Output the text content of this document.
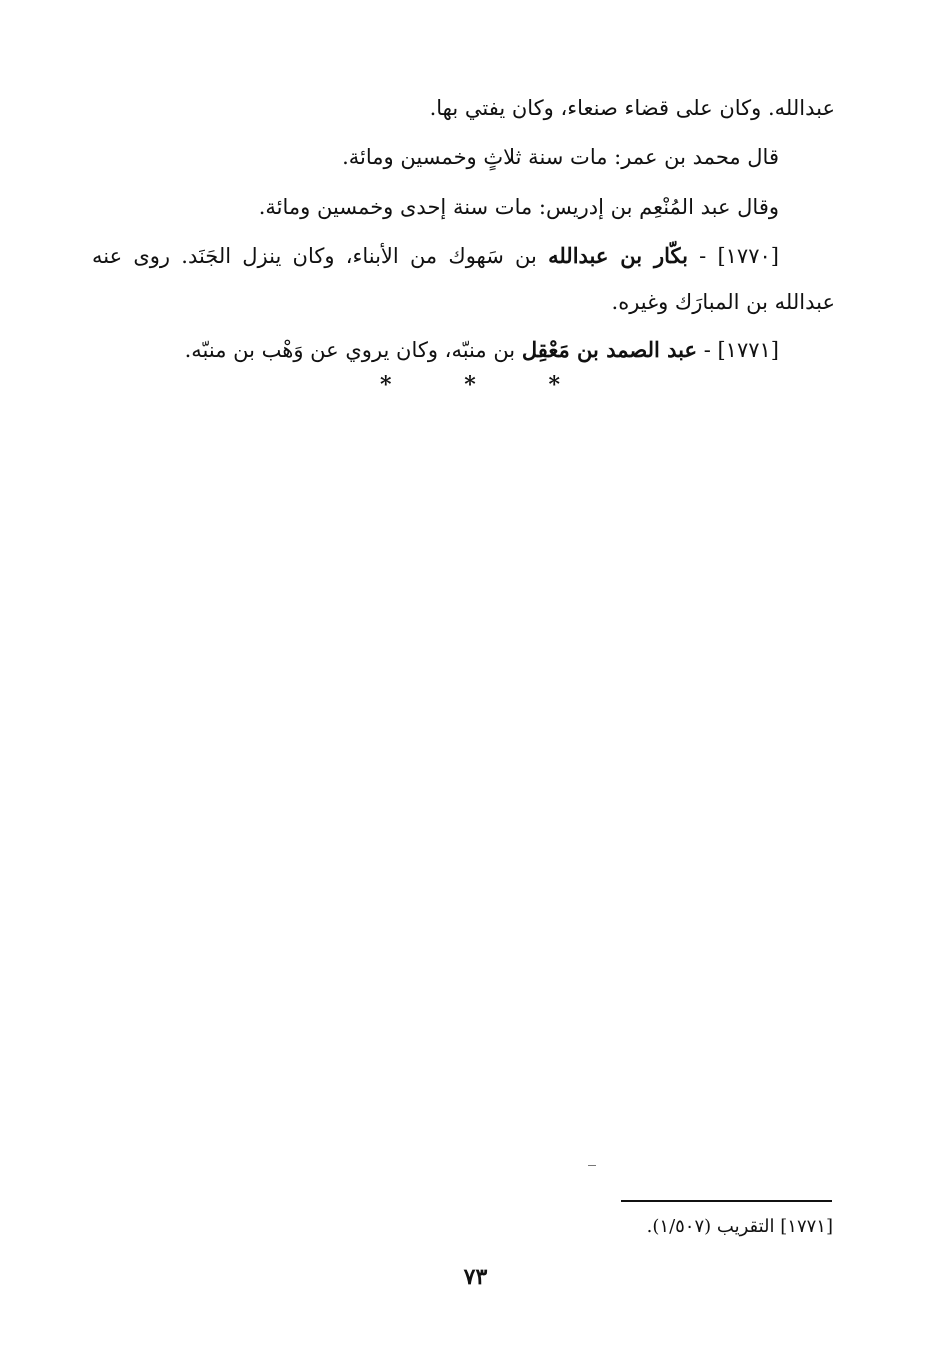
عبدالله. وكان على قضاء صنعاء، وكان يفتي بها.
قال محمد بن عمر: مات سنة ثلاثٍ وخمسين ومائة.
وقال عبد المُنْعِم بن إدريس: مات سنة إحدى وخمسين ومائة.
[١٧٧٠] - بكّار بن عبدالله بن سَهوك من الأبناء، وكان ينزل الجَنَد. روى عنه
عبدالله بن المبارَك وغيره.
[١٧٧١] - عبد الصمد بن مَعْقِل بن منبّه، وكان يروي عن وَهْب بن منبّه.
*	*	*
[١٧٧١] التقريب (١/٥٠٧).
٧٣
